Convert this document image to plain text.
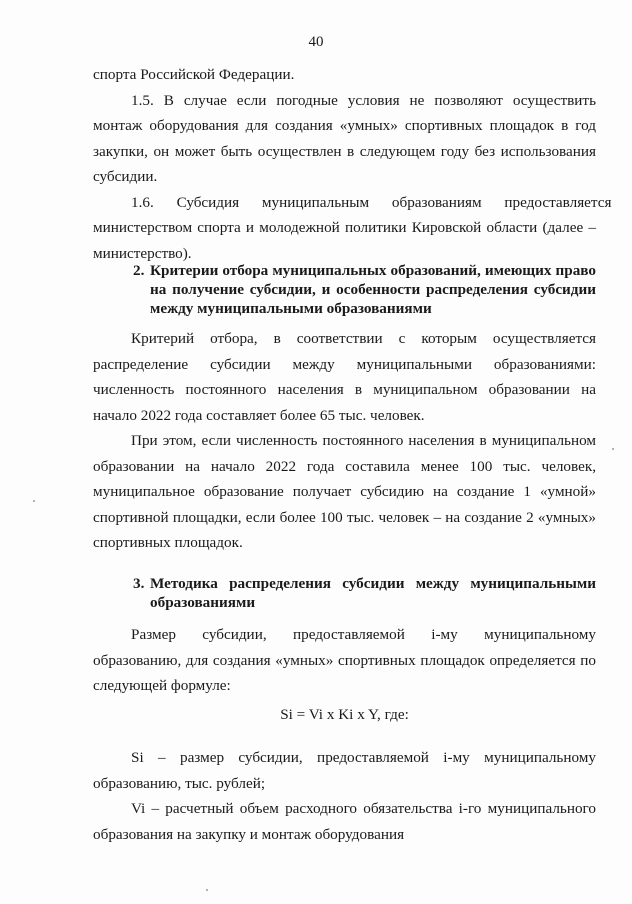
40

спорта Российской Федерации.

1.5. В случае если погодные условия не позволяют осуществить монтаж оборудования для создания «умных» спортивных площадок в год закупки, он может быть осуществлен в следующем году без использования субсидии.

1.6.      Субсидия      муниципальным      образованиям      предоставляется

министерством спорта и молодежной политики Кировской области (далее – министерство).

2. Критерии отбора муниципальных образований, имеющих право на получение субсидии, и особенности распределения субсидии между муниципальными образованиями

Критерий отбора, в соответствии с которым осуществляется распределение субсидии между муниципальными образованиями: численность постоянного населения в муниципальном образовании на начало 2022 года составляет более 65 тыс. человек.

При этом, если численность постоянного населения в муниципальном образовании на начало 2022 года составила менее 100 тыс. человек, муниципальное образование получает субсидию на создание 1 «умной» спортивной площадки, если более 100 тыс. человек – на создание 2 «умных» спортивных площадок.

3. Методика распределения субсидии между муниципальными образованиями

Размер субсидии, предоставляемой i-му муниципальному образованию, для создания «умных» спортивных площадок определяется по следующей формуле:

Si = Vi x Ki x Y, где:

Si – размер субсидии, предоставляемой i-му муниципальному образованию, тыс. рублей;

Vi – расчетный объем расходного обязательства i-го муниципального образования на закупку и монтаж оборудования
